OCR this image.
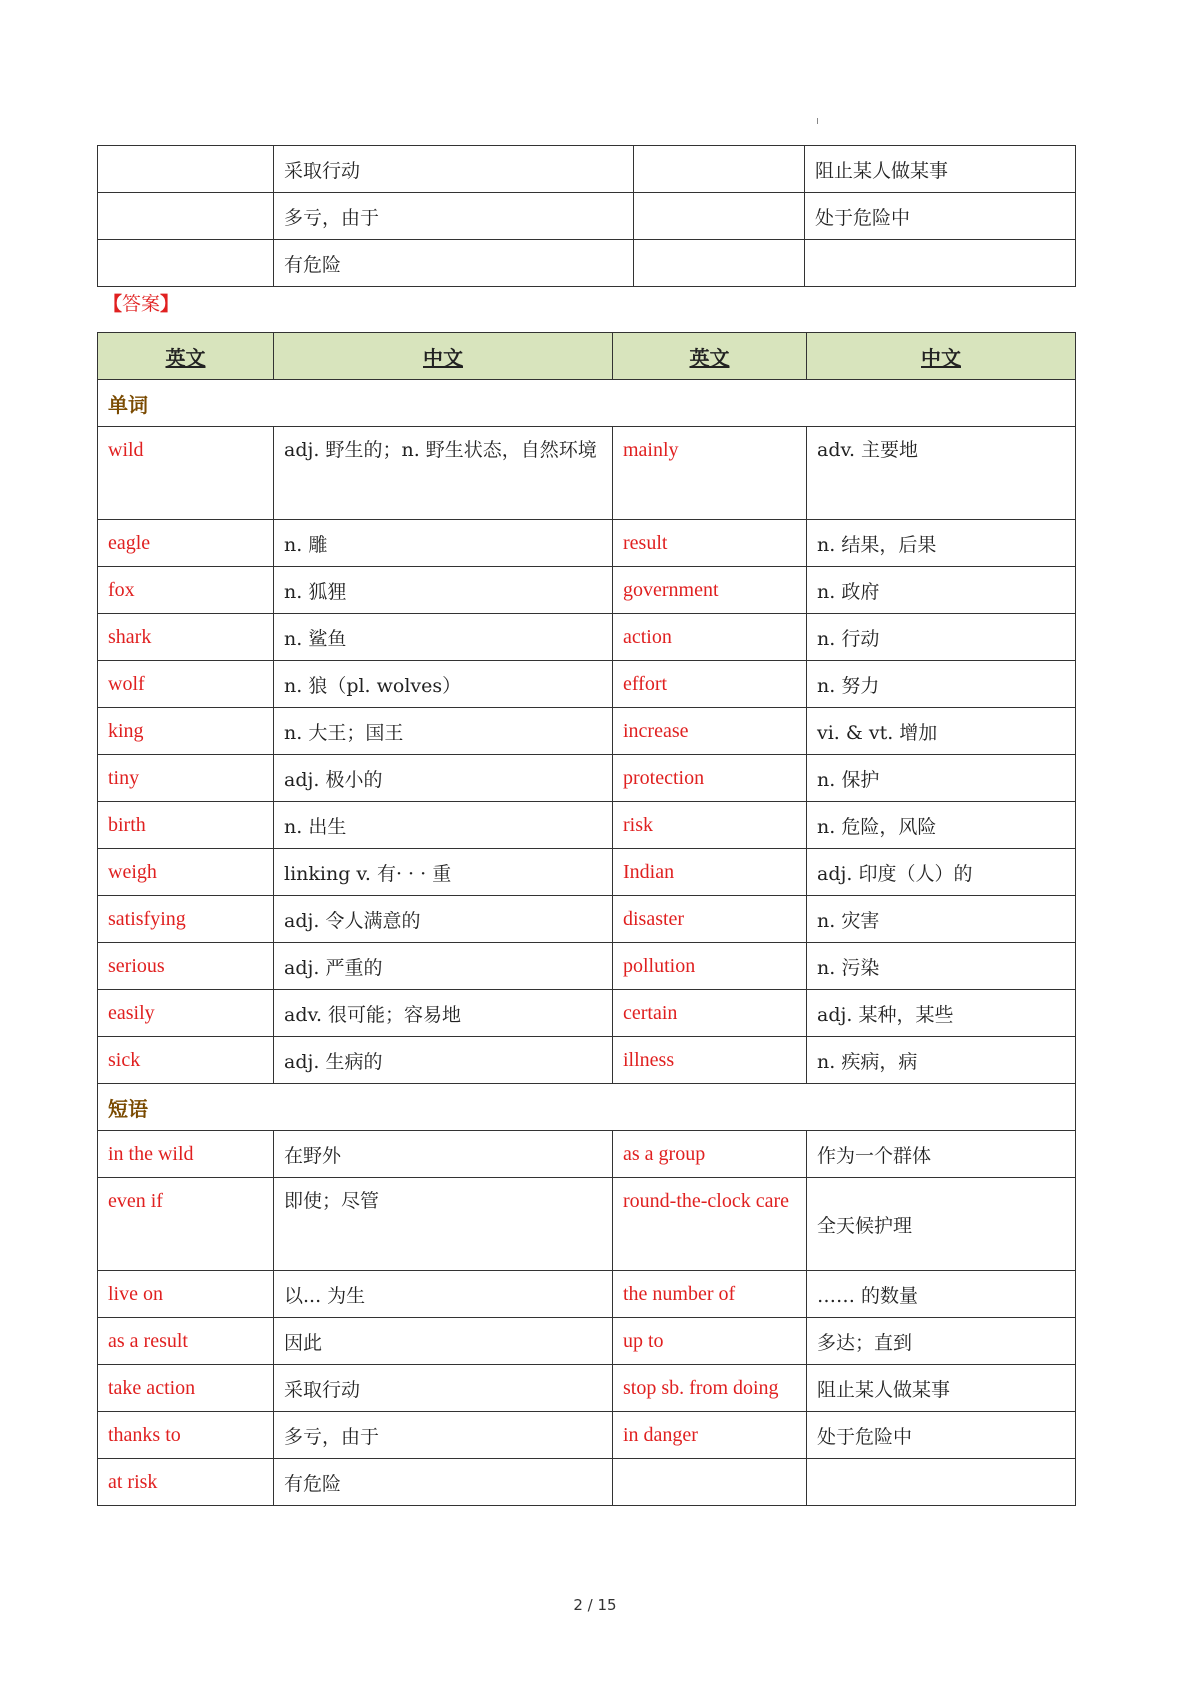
	采取行动		阻止某人做某事
	多亏，由于		处于危险中
	有危险		
【答案】
英文	中文	英文	中文
单词			
wild	adj. 野生的；n. 野生状态，自然环境	mainly	adv. 主要地
eagle	n. 雕	result	n. 结果，后果
fox	n. 狐狸	government	n. 政府
shark	n. 鲨鱼	action	n. 行动
wolf	n. 狼（pl. wolves）	effort	n. 努力
king	n. 大王；国王	increase	vi. & vt. 增加
tiny	adj. 极小的	protection	n. 保护
birth	n. 出生	risk	n. 危险，风险
weigh	linking v. 有· · · 重	Indian	adj. 印度（人）的
satisfying	adj. 令人满意的	disaster	n. 灾害
serious	adj. 严重的	pollution	n. 污染
easily	adv. 很可能；容易地	certain	adj. 某种，某些
sick	adj. 生病的	illness	n. 疾病，病
短语			
in the wild	在野外	as a group	作为一个群体
even if	即使；尽管	round-the-clock care	全天候护理
live on	以... 为生	the number of	…… 的数量
as a result	因此	up to	多达；直到
take action	采取行动	stop sb. from doing	阻止某人做某事
thanks to	多亏，由于	in danger	处于危险中
at risk	有危险		
2 / 15
